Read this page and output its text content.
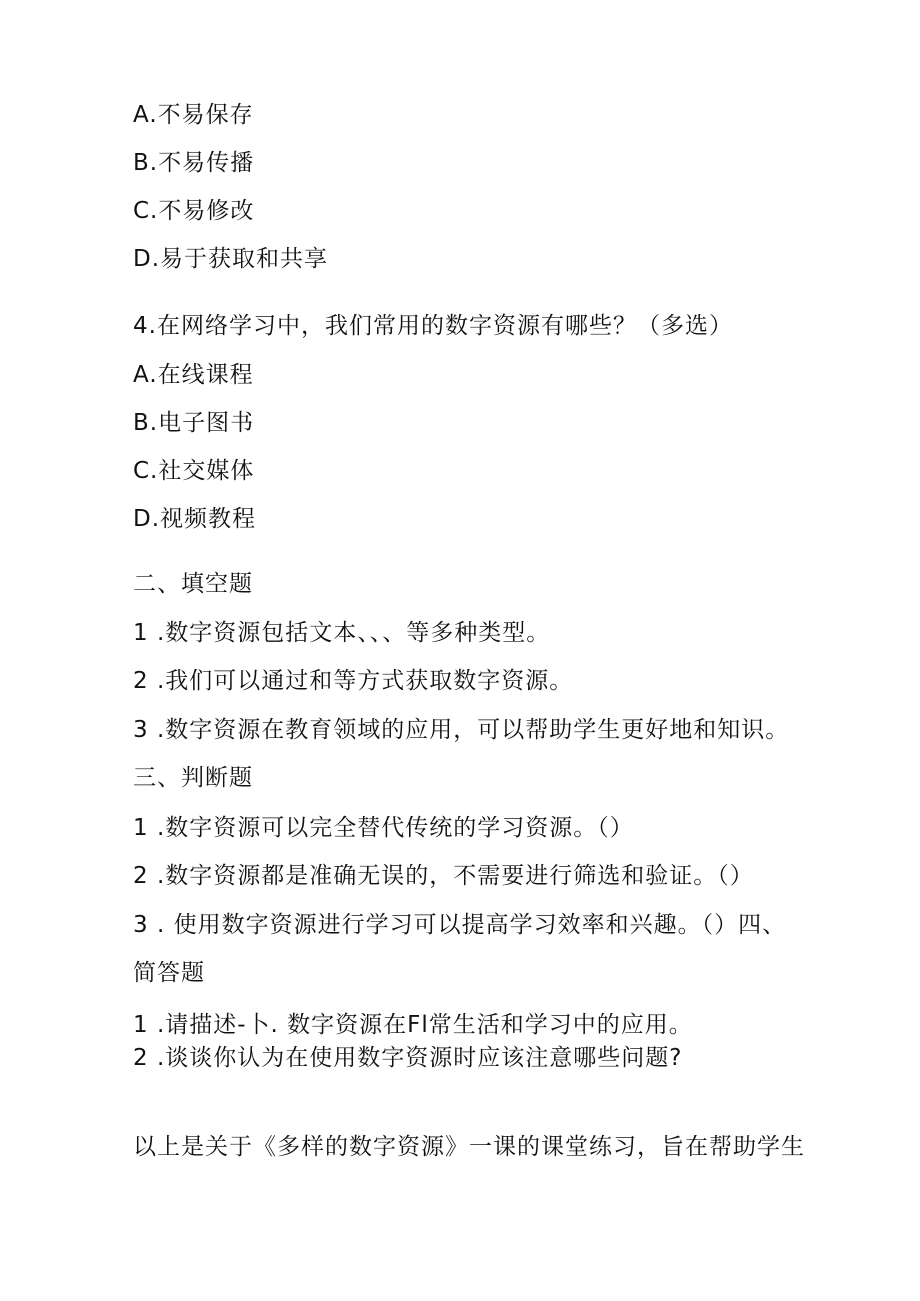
A.不易保存
B.不易传播
C.不易修改
D.易于获取和共享
4.在网络学习中，我们常用的数字资源有哪些？（多选）
A.在线课程
B.电子图书
C.社交媒体
D.视频教程
二、填空题
1 .数字资源包括文本、、、等多种类型。
2 .我们可以通过和等方式获取数字资源。
3 .数字资源在教育领域的应用，可以帮助学生更好地和知识。
三、判断题
1 .数字资源可以完全替代传统的学习资源。（）
2 .数字资源都是准确无误的，不需要进行筛选和验证。（）
3 . 使用数字资源进行学习可以提高学习效率和兴趣。（）四、
简答题
1 .请描述-卜. 数字资源在Fl常生活和学习中的应用。
2 .谈谈你认为在使用数字资源时应该注意哪些问题?
以上是关于《多样的数字资源》一课的课堂练习，旨在帮助学生
